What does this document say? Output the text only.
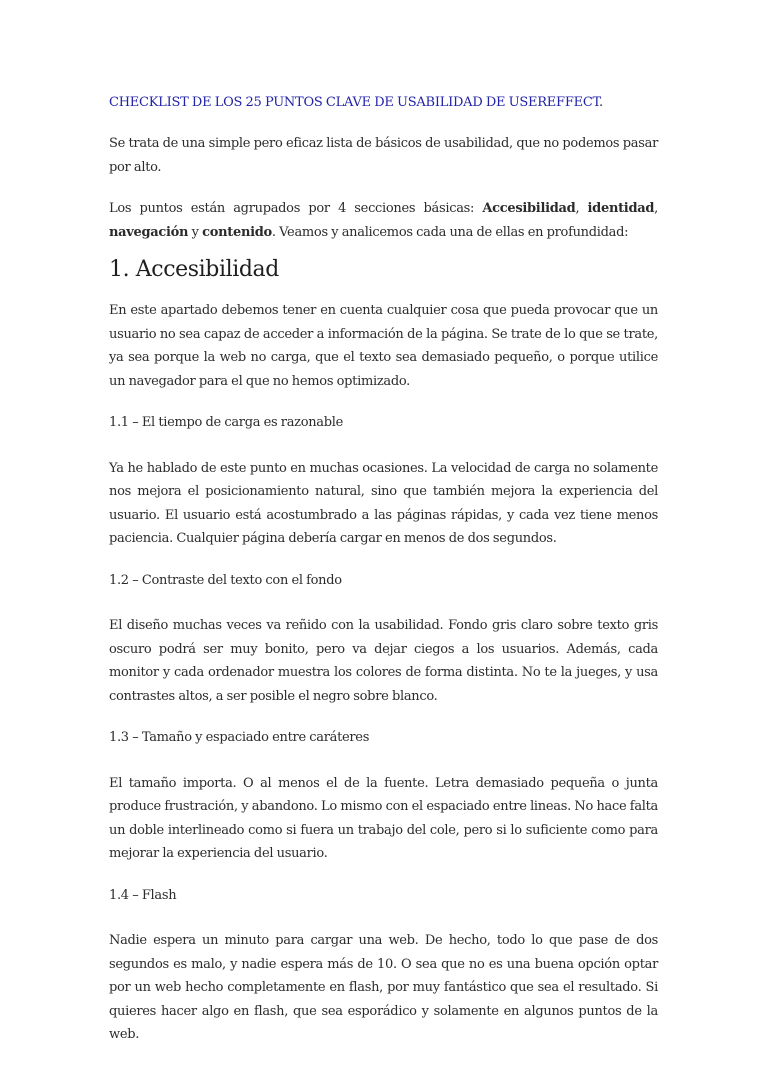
CHECKLIST DE LOS 25 PUNTOS CLAVE DE USABILIDAD DE USEREFFECT.

Se trata de una simple pero eficaz lista de básicos de usabilidad, que no podemos pasar por alto.

Los puntos están agrupados por 4 secciones básicas: Accesibilidad, identidad, navegación y contenido. Veamos y analicemos cada una de ellas en profundidad:

1. Accesibilidad

En este apartado debemos tener en cuenta cualquier cosa que pueda provocar que un usuario no sea capaz de acceder a información de la página. Se trate de lo que se trate, ya sea porque la web no carga, que el texto sea demasiado pequeño, o porque utilice un navegador para el que no hemos optimizado.

1.1 – El tiempo de carga es razonable

Ya he hablado de este punto en muchas ocasiones. La velocidad de carga no solamente nos mejora el posicionamiento natural, sino que también mejora la experiencia del usuario. El usuario está acostumbrado a las páginas rápidas, y cada vez tiene menos paciencia. Cualquier página debería cargar en menos de dos segundos.

1.2 – Contraste del texto con el fondo

El diseño muchas veces va reñido con la usabilidad. Fondo gris claro sobre texto gris oscuro podrá ser muy bonito, pero va dejar ciegos a los usuarios. Además, cada monitor y cada ordenador muestra los colores de forma distinta. No te la jueges, y usa contrastes altos, a ser posible el negro sobre blanco.

1.3 – Tamaño y espaciado entre caráteres

El tamaño importa. O al menos el de la fuente. Letra demasiado pequeña o junta produce frustración, y abandono. Lo mismo con el espaciado entre lineas. No hace falta un doble interlineado como si fuera un trabajo del cole, pero si lo suficiente como para mejorar la experiencia del usuario.

1.4 – Flash

Nadie espera un minuto para cargar una web. De hecho, todo lo que pase de dos segundos es malo, y nadie espera más de 10. O sea que no es una buena opción optar por un web hecho completamente en flash, por muy fantástico que sea el resultado. Si quieres hacer algo en flash, que sea esporádico y solamente en algunos puntos de la web.
